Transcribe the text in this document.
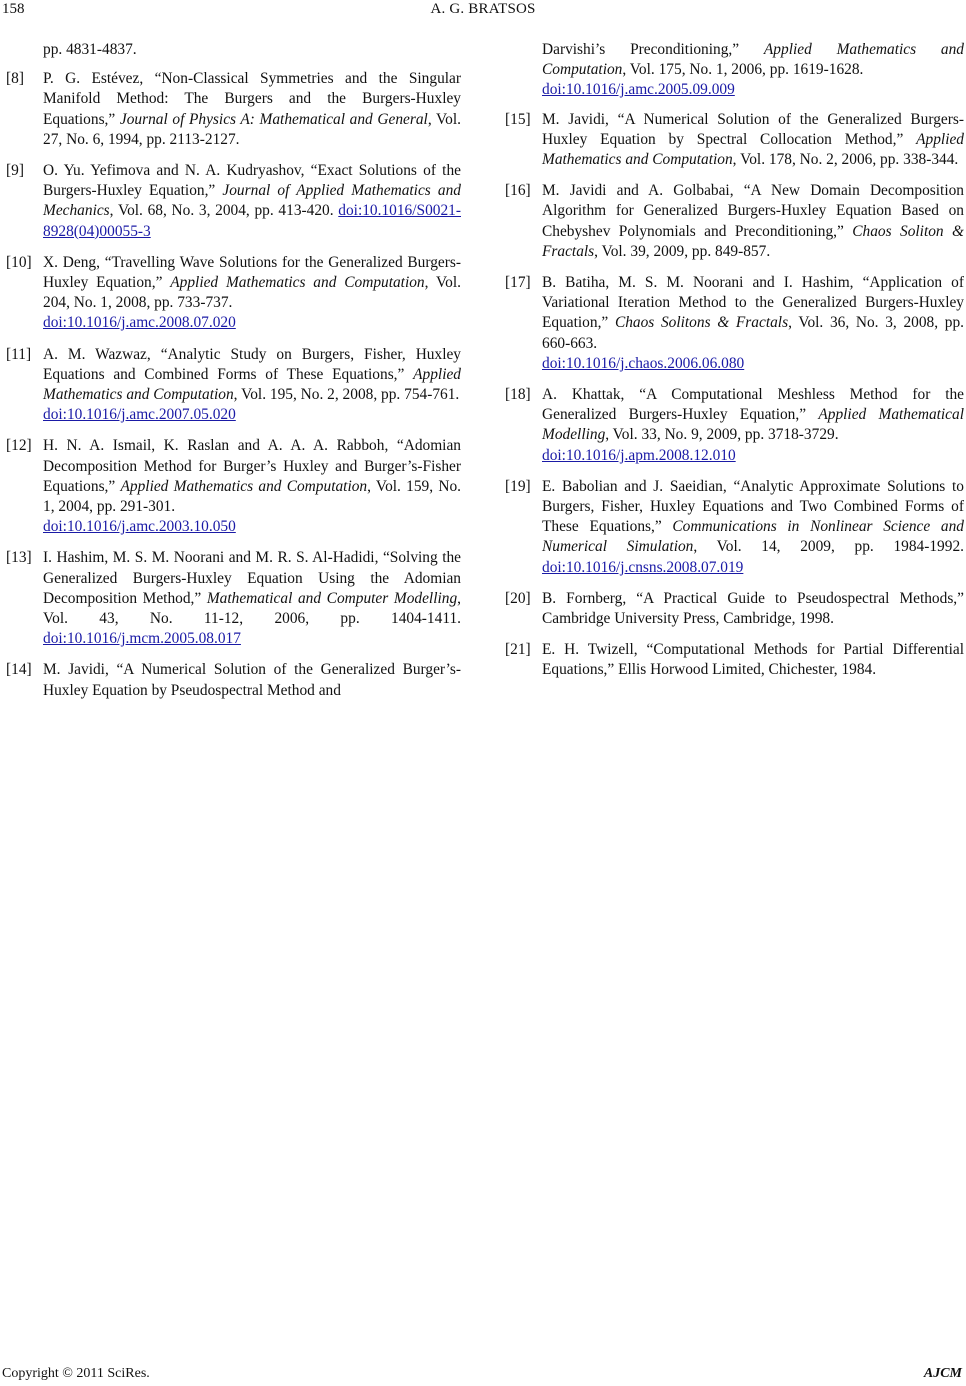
158	A. G. BRATSOS
pp. 4831-4837.
[8] P. G. Estévez, “Non-Classical Symmetries and the Singular Manifold Method: The Burgers and the Burgers-Huxley Equations,” Journal of Physics A: Mathematical and General, Vol. 27, No. 6, 1994, pp. 2113-2127.
[9] O. Yu. Yefimova and N. A. Kudryashov, “Exact Solutions of the Burgers-Huxley Equation,” Journal of Applied Mathematics and Mechanics, Vol. 68, No. 3, 2004, pp. 413-420. doi:10.1016/S0021-8928(04)00055-3
[10] X. Deng, “Travelling Wave Solutions for the Generalized Burgers-Huxley Equation,” Applied Mathematics and Computation, Vol. 204, No. 1, 2008, pp. 733-737.
doi:10.1016/j.amc.2008.07.020
[11] A. M. Wazwaz, “Analytic Study on Burgers, Fisher, Huxley Equations and Combined Forms of These Equations,” Applied Mathematics and Computation, Vol. 195, No. 2, 2008, pp. 754-761.
doi:10.1016/j.amc.2007.05.020
[12] H. N. A. Ismail, K. Raslan and A. A. A. Rabboh, “Adomian Decomposition Method for Burger’s Huxley and Burger’s-Fisher Equations,” Applied Mathematics and Computation, Vol. 159, No. 1, 2004, pp. 291-301.
doi:10.1016/j.amc.2003.10.050
[13] I. Hashim, M. S. M. Noorani and M. R. S. Al-Hadidi, “Solving the Generalized Burgers-Huxley Equation Using the Adomian Decomposition Method,” Mathematical and Computer Modelling, Vol. 43, No. 11-12, 2006, pp. 1404-1411. doi:10.1016/j.mcm.2005.08.017
[14] M. Javidi, “A Numerical Solution of the Generalized Burger’s-Huxley Equation by Pseudospectral Method and
Darvishi’s Preconditioning,” Applied Mathematics and Computation, Vol. 175, No. 1, 2006, pp. 1619-1628.
doi:10.1016/j.amc.2005.09.009
[15] M. Javidi, “A Numerical Solution of the Generalized Burgers-Huxley Equation by Spectral Collocation Method,” Applied Mathematics and Computation, Vol. 178, No. 2, 2006, pp. 338-344.
[16] M. Javidi and A. Golbabai, “A New Domain Decomposition Algorithm for Generalized Burgers-Huxley Equation Based on Chebyshev Polynomials and Preconditioning,” Chaos Soliton & Fractals, Vol. 39, 2009, pp. 849-857.
[17] B. Batiha, M. S. M. Noorani and I. Hashim, “Application of Variational Iteration Method to the Generalized Burgers-Huxley Equation,” Chaos Solitons & Fractals, Vol. 36, No. 3, 2008, pp. 660-663.
doi:10.1016/j.chaos.2006.06.080
[18] A. Khattak, “A Computational Meshless Method for the Generalized Burgers-Huxley Equation,” Applied Mathematical Modelling, Vol. 33, No. 9, 2009, pp. 3718-3729.
doi:10.1016/j.apm.2008.12.010
[19] E. Babolian and J. Saeidian, “Analytic Approximate Solutions to Burgers, Fisher, Huxley Equations and Two Combined Forms of These Equations,” Communications in Nonlinear Science and Numerical Simulation, Vol. 14, 2009, pp. 1984-1992. doi:10.1016/j.cnsns.2008.07.019
[20] B. Fornberg, “A Practical Guide to Pseudospectral Methods,” Cambridge University Press, Cambridge, 1998.
[21] E. H. Twizell, “Computational Methods for Partial Differential Equations,” Ellis Horwood Limited, Chichester, 1984.
Copyright © 2011 SciRes.	AJCM
